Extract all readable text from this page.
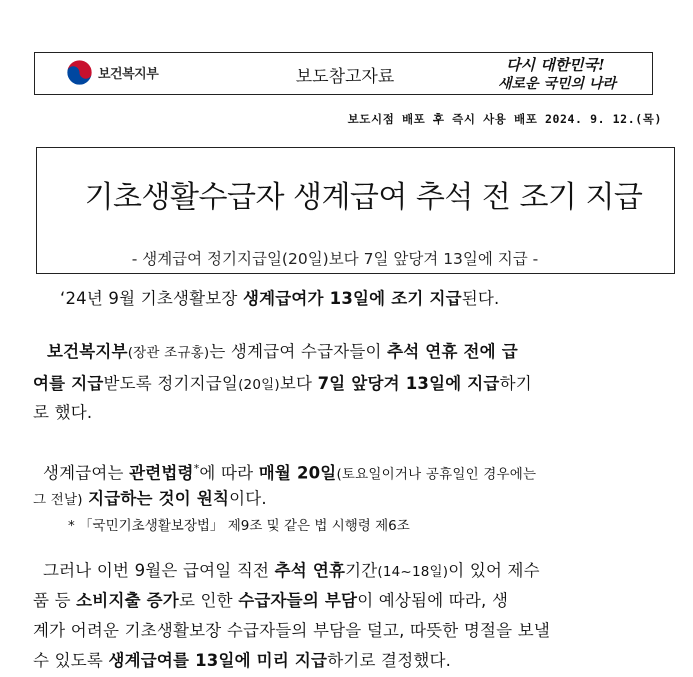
보건복지부	보도참고자료
다시 대한민국!
새로운 국민의 나라
보도시점 배포 후 즉시 사용 배포 2024. 9. 12.(목)
기초생활수급자 생계급여 추석 전 조기 지급
- 생계급여 정기지급일(20일)보다 7일 앞당겨 13일에 지급 -
‘24년 9월 기초생활보장 생계급여가 13일에 조기 지급된다.
보건복지부(장관 조규홍)는 생계급여 수급자들이 추석 연휴 전에 급
여를 지급받도록 정기지급일(20일)보다 7일 앞당겨 13일에 지급하기
로 했다.
생계급여는 관련법령*에 따라 매월 20일(토요일이거나 공휴일인 경우에는
그 전날) 지급하는 것이 원칙이다.
* 「국민기초생활보장법」 제9조 및 같은 법 시행령 제6조
그러나 이번 9월은 급여일 직전 추석 연휴기간(14~18일)이 있어 제수
품 등 소비지출 증가로 인한 수급자들의 부담이 예상됨에 따라, 생
계가 어려운 기초생활보장 수급자들의 부담을 덜고, 따뜻한 명절을 보낼
수 있도록 생계급여를 13일에 미리 지급하기로 결정했다.
